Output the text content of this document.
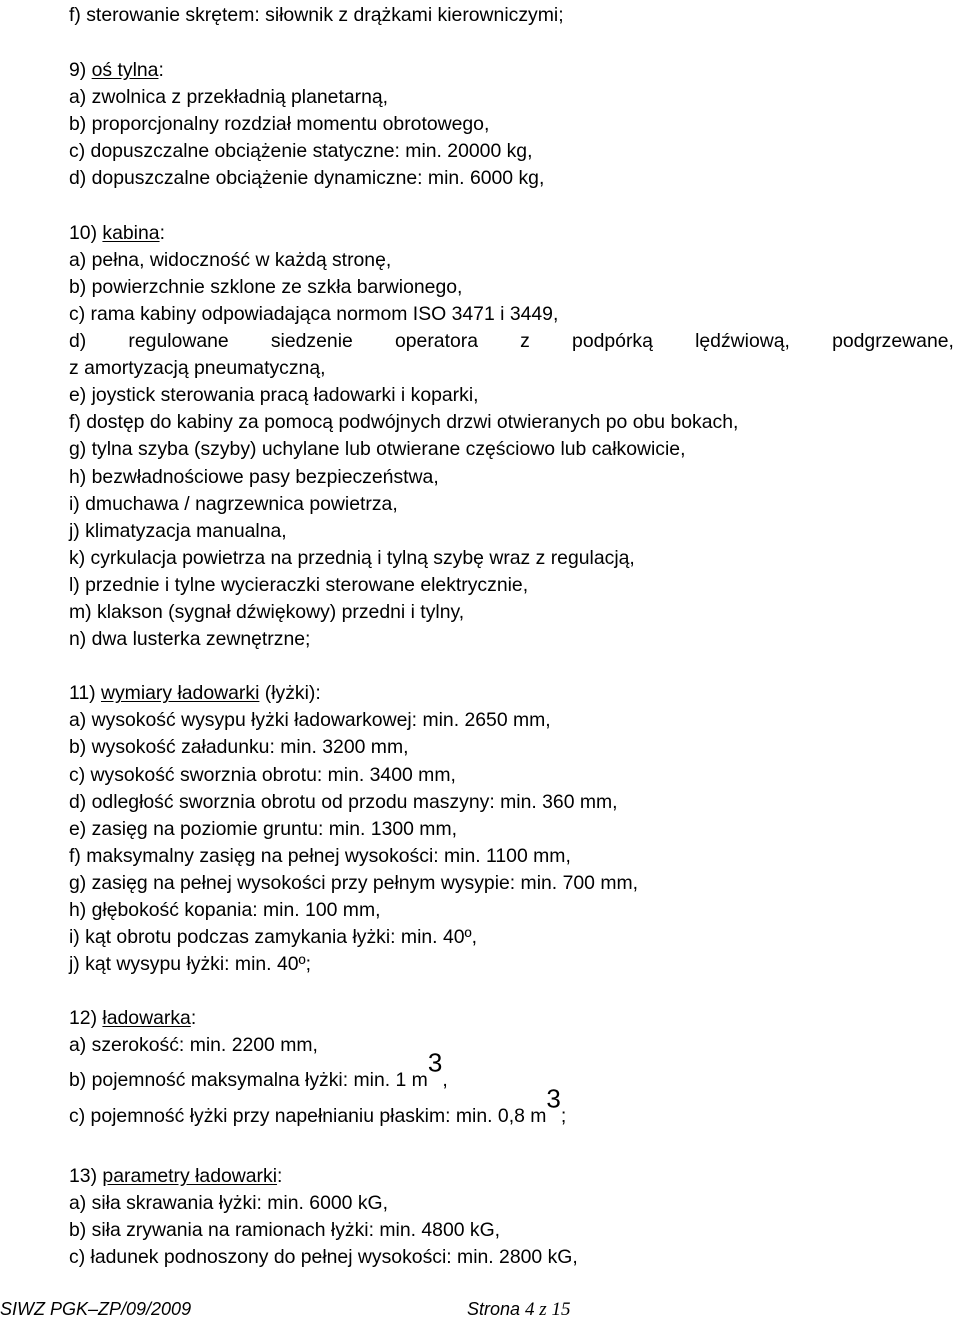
f) sterowanie skrętem: siłownik z drążkami kierowniczymi;
9) oś tylna:
a) zwolnica z przekładnią planetarną,
b) proporcjonalny rozdział momentu obrotowego,
c) dopuszczalne obciążenie statyczne: min. 20000 kg,
d) dopuszczalne obciążenie dynamiczne: min. 6000 kg,
10) kabina:
a) pełna, widoczność w każdą stronę,
b) powierzchnie szklone ze szkła barwionego,
c) rama kabiny odpowiadająca normom ISO 3471 i 3449,
d) regulowane siedzenie operatora z podpórką lędźwiową, podgrzewane,
z amortyzacją pneumatyczną,
e) joystick sterowania pracą ładowarki i koparki,
f) dostęp do kabiny za pomocą podwójnych drzwi otwieranych po obu bokach,
g) tylna szyba (szyby) uchylane lub otwierane częściowo lub całkowicie,
h) bezwładnościowe pasy bezpieczeństwa,
i) dmuchawa / nagrzewnica powietrza,
j) klimatyzacja manualna,
k) cyrkulacja powietrza na przednią i tylną szybę wraz z regulacją,
l) przednie i tylne wycieraczki sterowane elektrycznie,
m) klakson (sygnał dźwiękowy) przedni i tylny,
n) dwa lusterka zewnętrzne;
11) wymiary ładowarki (łyżki):
a) wysokość wysypu łyżki ładowarkowej: min. 2650 mm,
b) wysokość załadunku: min. 3200 mm,
c) wysokość sworznia obrotu: min. 3400 mm,
d) odległość sworznia obrotu od przodu maszyny: min. 360 mm,
e) zasięg na poziomie gruntu: min. 1300 mm,
f) maksymalny zasięg na pełnej wysokości: min. 1100 mm,
g) zasięg na pełnej wysokości przy pełnym wysypie: min. 700 mm,
h) głębokość kopania: min. 100 mm,
i) kąt obrotu podczas zamykania łyżki: min. 40º,
j) kąt wysypu łyżki: min. 40º;
12) ładowarka:
a) szerokość: min. 2200 mm,
b) pojemność maksymalna łyżki: min. 1 $m^3$,
c) pojemność łyżki przy napełnianiu płaskim: min. 0,8 $m^3$;
13) parametry ładowarki:
a) siła skrawania łyżki: min. 6000 kG,
b) siła zrywania na ramionach łyżki: min. 4800 kG,
c) ładunek podnoszony do pełnej wysokości: min. 2800 kG,
SIWZ PGK–ZP/09/2009	Strona 4 z 15
